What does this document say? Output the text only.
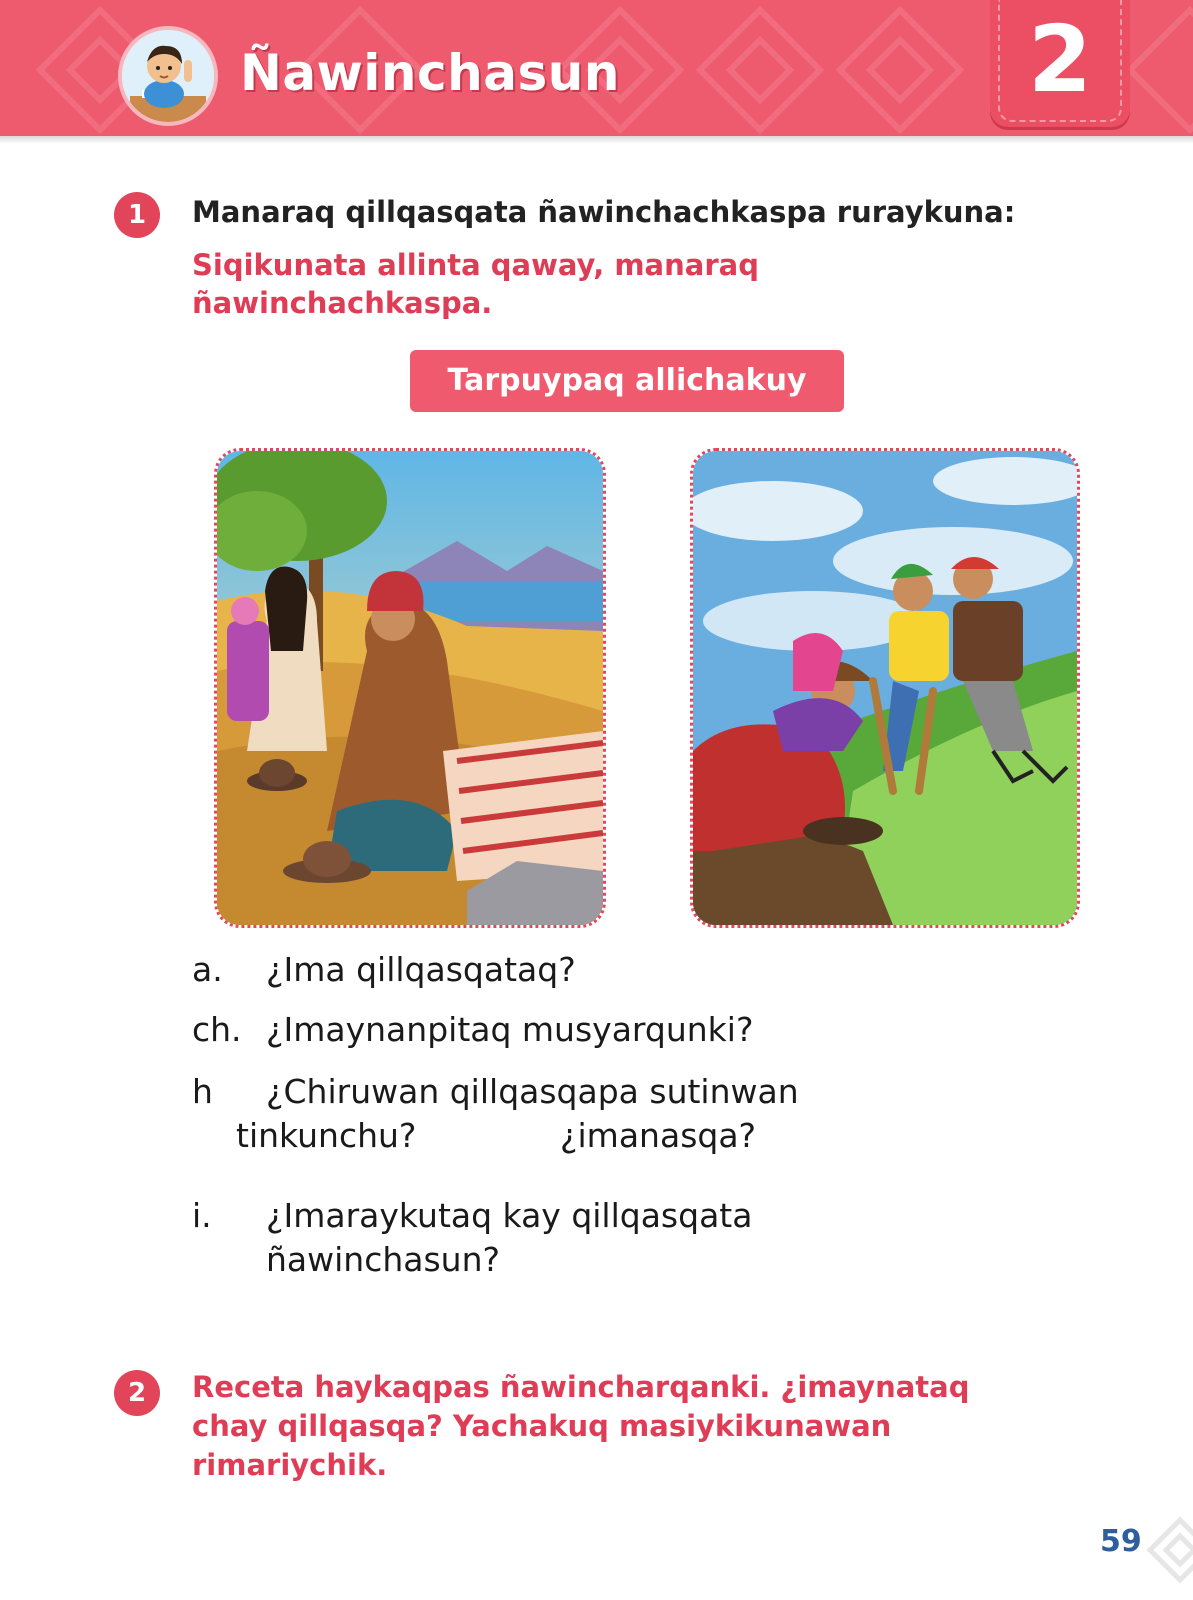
Ñawinchasun	2
1	Manaraq qillqasqata ñawinchachkaspa ruraykuna:
Siqikunata allinta qaway, manaraq
ñawinchachkaspa.
Tarpuypaq allichakuy
a. ¿Ima qillqasqataq?
ch. ¿Imaynanpitaq musyarqunki?
h ¿Chiruwan qillqasqapa sutinwan
tinkunchu?	¿imanasqa?
i. ¿Imaraykutaq kay qillqasqata
ñawinchasun?
2	Receta haykaqpas ñawincharqanki. ¿imaynataq
chay qillqasqa? Yachakuq masiykikunawan
rimariychik.
59
